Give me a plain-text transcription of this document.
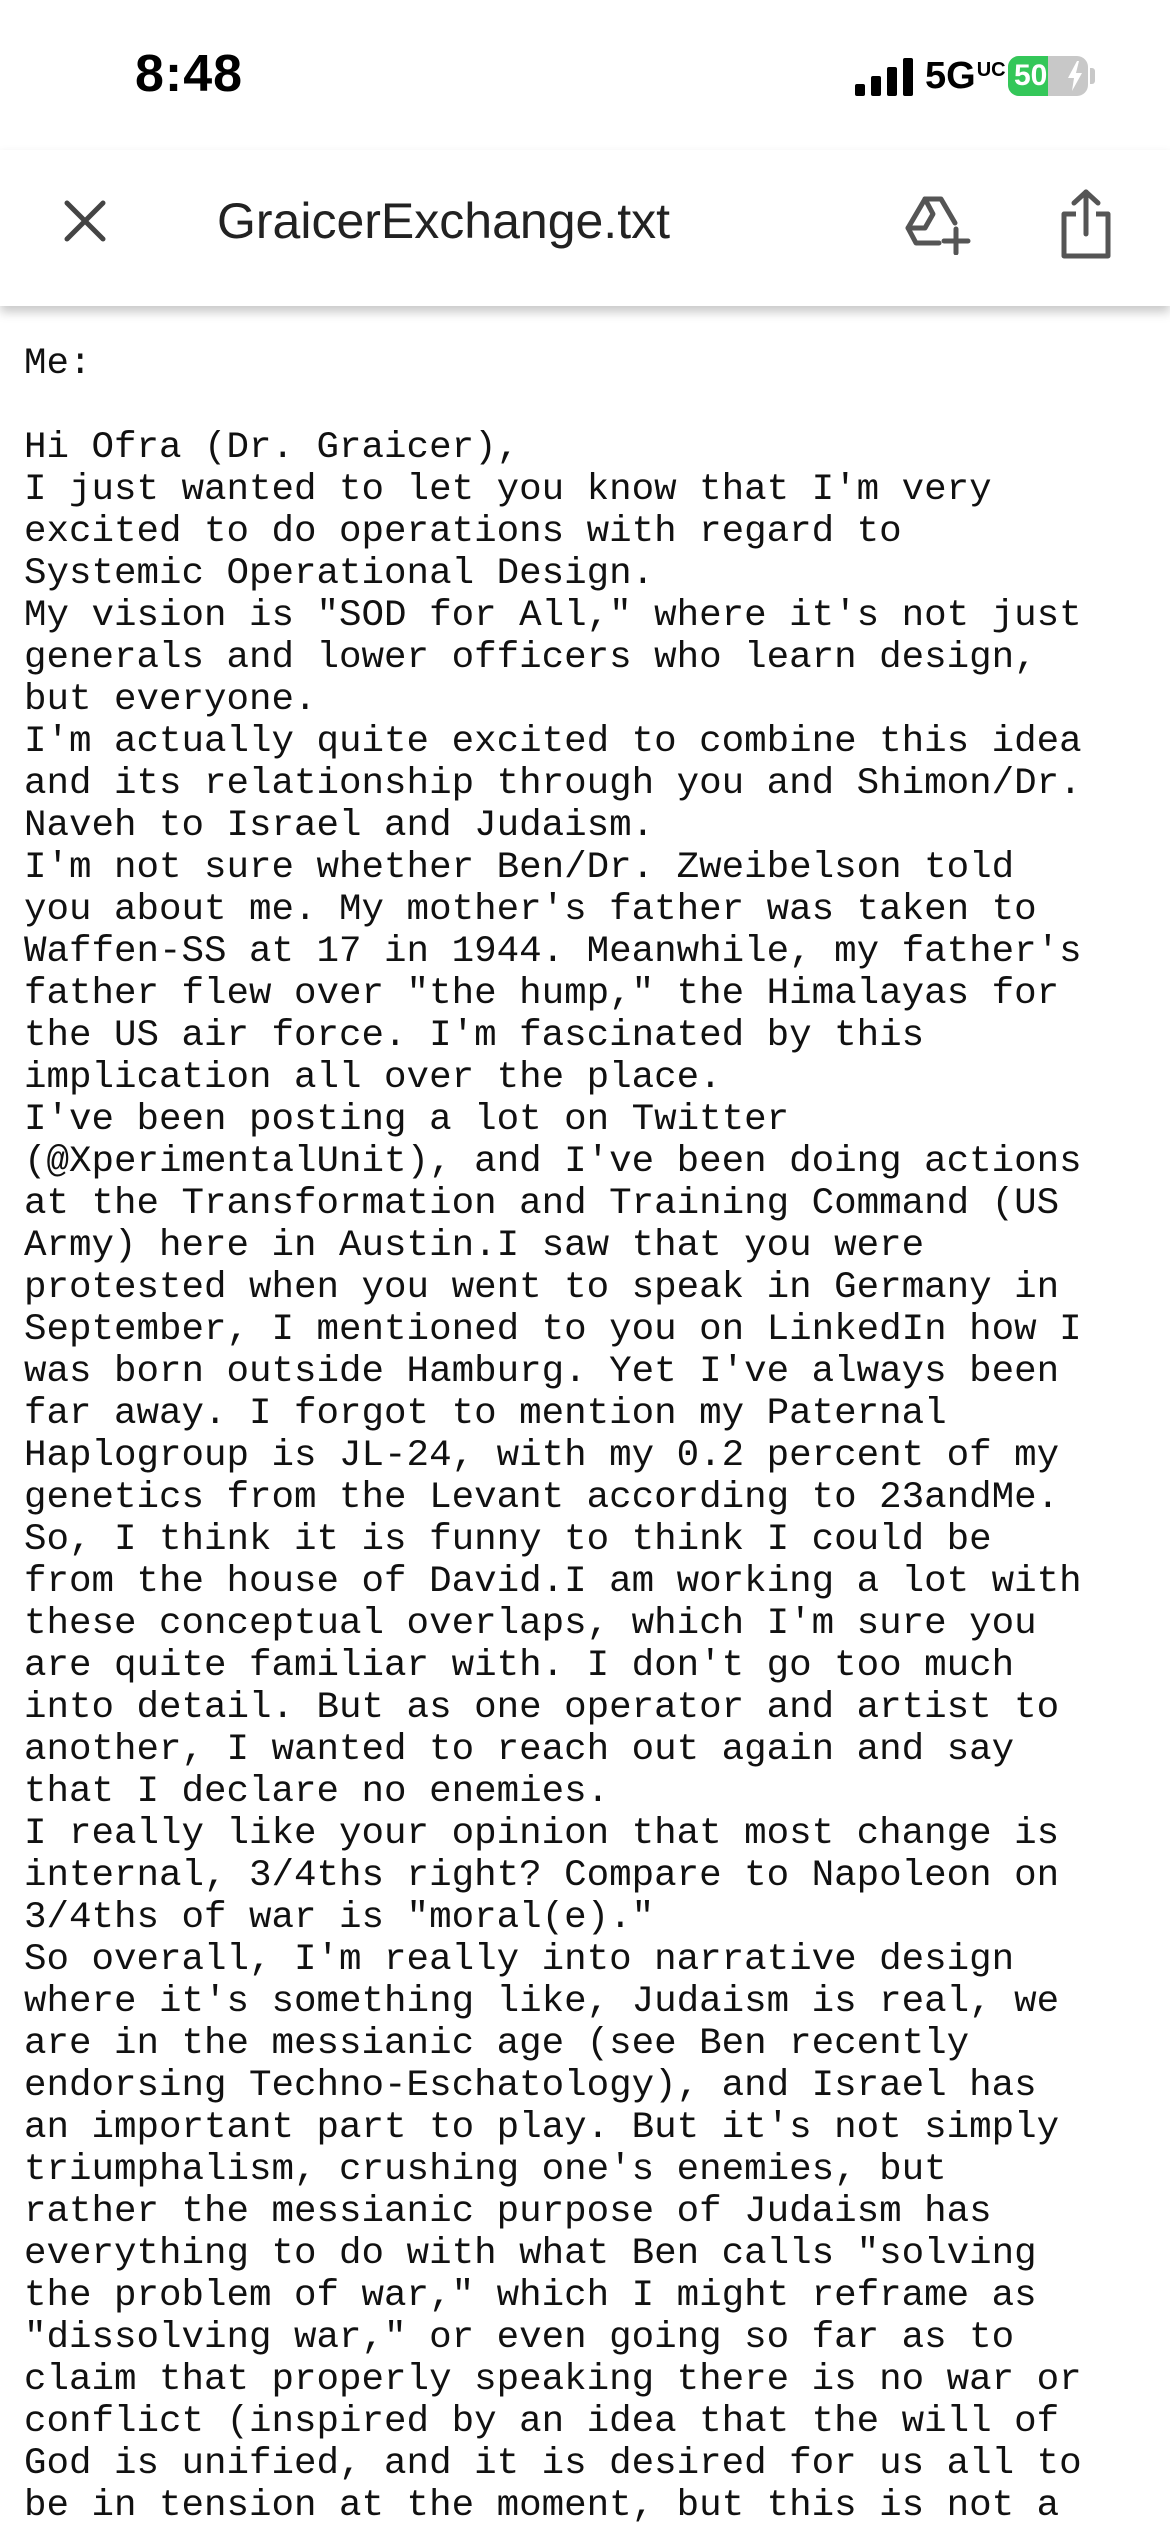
8:48	$5G^{UC}$ 50
GraicerExchange.txt
Me:

Hi Ofra (Dr. Graicer),
I just wanted to let you know that I'm very
excited to do operations with regard to
Systemic Operational Design.
My vision is "SOD for All," where it's not just
generals and lower officers who learn design,
but everyone.
I'm actually quite excited to combine this idea
and its relationship through you and Shimon/Dr.
Naveh to Israel and Judaism.
I'm not sure whether Ben/Dr. Zweibelson told
you about me. My mother's father was taken to
Waffen-SS at 17 in 1944. Meanwhile, my father's
father flew over "the hump," the Himalayas for
the US air force. I'm fascinated by this
implication all over the place.
I've been posting a lot on Twitter
(@XperimentalUnit), and I've been doing actions
at the Transformation and Training Command (US
Army) here in Austin.I saw that you were
protested when you went to speak in Germany in
September, I mentioned to you on LinkedIn how I
was born outside Hamburg. Yet I've always been
far away. I forgot to mention my Paternal
Haplogroup is JL-24, with my 0.2 percent of my
genetics from the Levant according to 23andMe.
So, I think it is funny to think I could be
from the house of David.I am working a lot with
these conceptual overlaps, which I'm sure you
are quite familiar with. I don't go too much
into detail. But as one operator and artist to
another, I wanted to reach out again and say
that I declare no enemies.
I really like your opinion that most change is
internal, 3/4ths right? Compare to Napoleon on
3/4ths of war is "moral(e)."
So overall, I'm really into narrative design
where it's something like, Judaism is real, we
are in the messianic age (see Ben recently
endorsing Techno-Eschatology), and Israel has
an important part to play. But it's not simply
triumphalism, crushing one's enemies, but
rather the messianic purpose of Judaism has
everything to do with what Ben calls "solving
the problem of war," which I might reframe as
"dissolving war," or even going so far as to
claim that properly speaking there is no war or
conflict (inspired by an idea that the will of
God is unified, and it is desired for us all to
be in tension at the moment, but this is not a
